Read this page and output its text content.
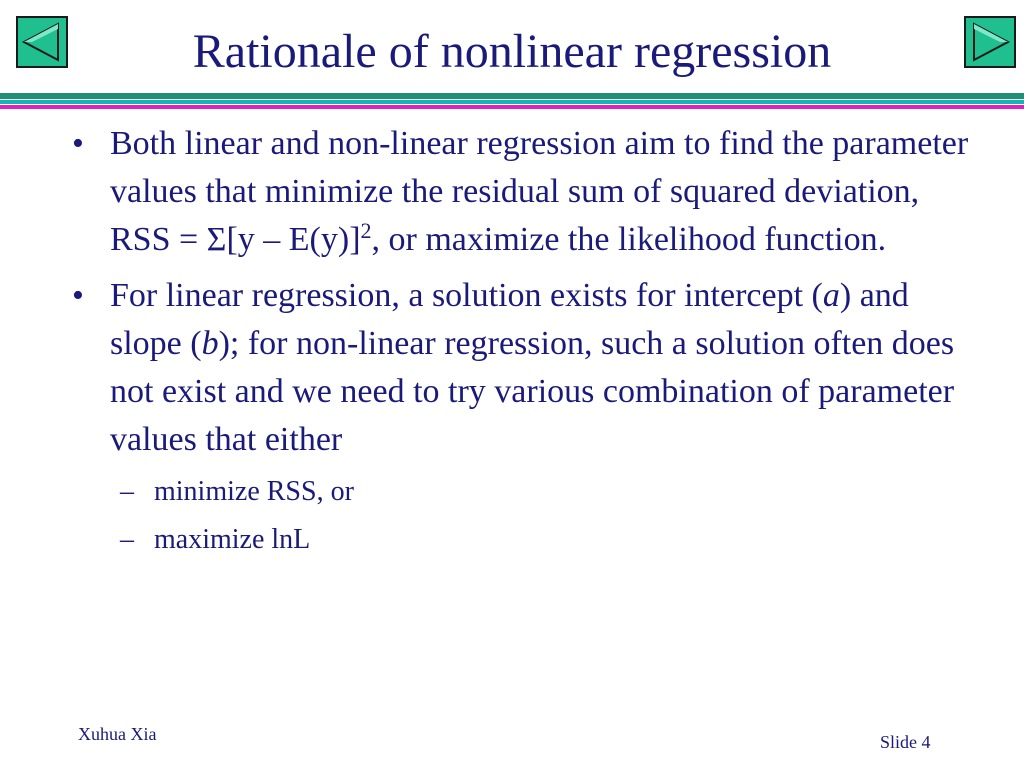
Rationale of nonlinear regression
• Both linear and non-linear regression aim to find the parameter values that minimize the residual sum of squared deviation, RSS = Σ[y – E(y)]$^2$, or maximize the likelihood function.
• For linear regression, a solution exists for intercept (a) and slope (b); for non-linear regression, such a solution often does not exist and we need to try various combination of parameter values that either
– minimize RSS, or
– maximize lnL
Xuhua Xia	Slide 4
